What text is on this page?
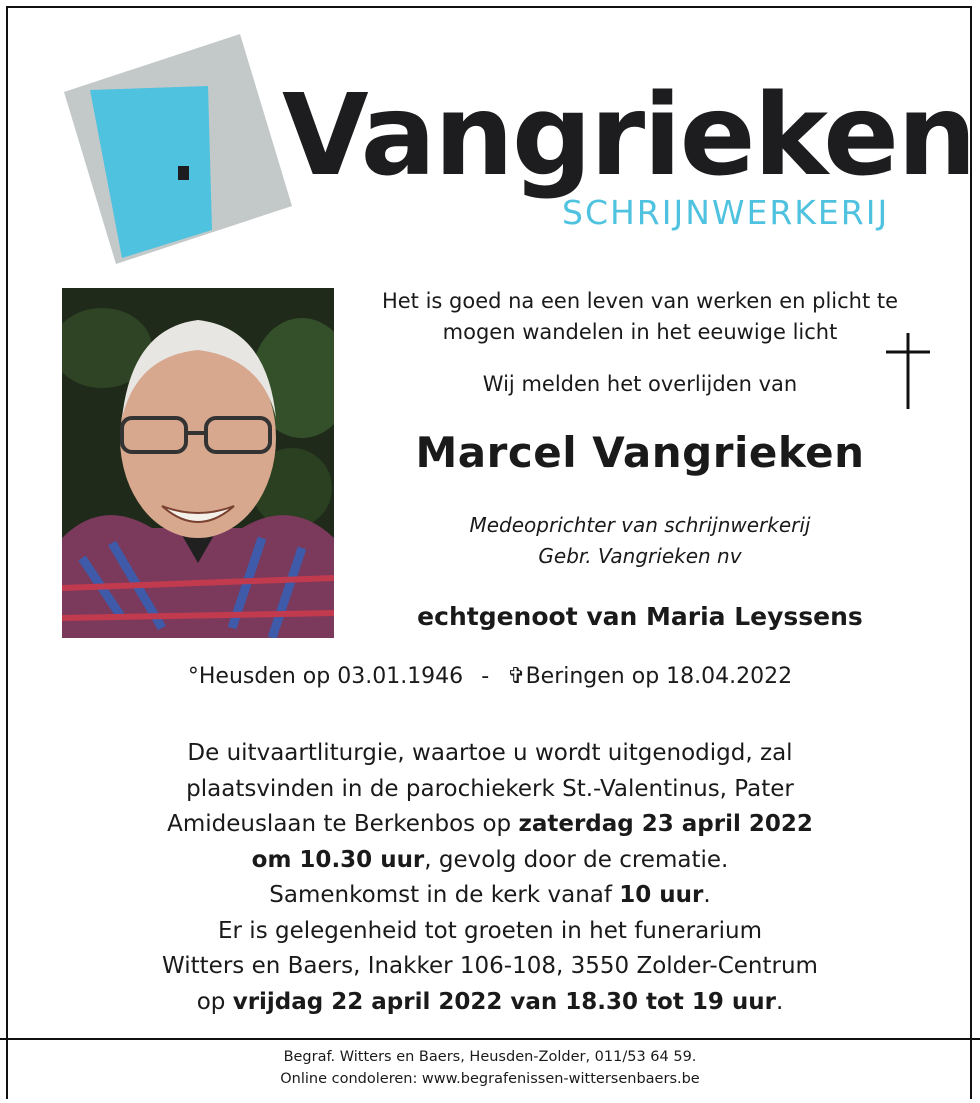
Vangrieken
SCHRIJNWERKERIJ
Het is goed na een leven van werken en plicht te
mogen wandelen in het eeuwige licht
Wij melden het overlijden van
Marcel Vangrieken
Medeoprichter van schrijnwerkerij
Gebr. Vangrieken nv
echtgenoot van Maria Leyssens
°Heusden op 03.01.1946 - ✞Beringen op 18.04.2022
De uitvaartliturgie, waartoe u wordt uitgenodigd, zal
plaatsvinden in de parochiekerk St.-Valentinus, Pater
Amideuslaan te Berkenbos op zaterdag 23 april 2022
om 10.30 uur, gevolg door de crematie.
Samenkomst in de kerk vanaf 10 uur.
Er is gelegenheid tot groeten in het funerarium
Witters en Baers, Inakker 106-108, 3550 Zolder-Centrum
op vrijdag 22 april 2022 van 18.30 tot 19 uur.
Begraf. Witters en Baers, Heusden-Zolder, 011/53 64 59.
Online condoleren: www.begrafenissen-wittersenbaers.be
